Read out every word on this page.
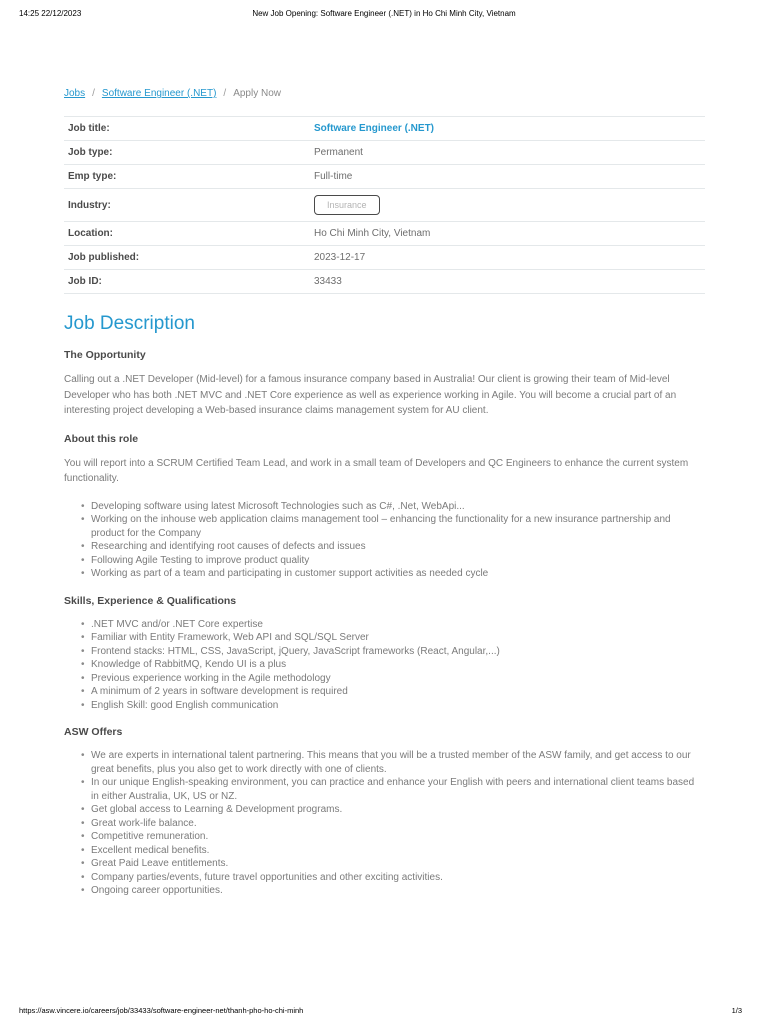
14:25 22/12/2023	New Job Opening: Software Engineer (.NET) in Ho Chi Minh City, Vietnam
Jobs / Software Engineer (.NET) / Apply Now
Job title:	Software Engineer (.NET)
Job type:	Permanent
Emp type:	Full-time
Industry:	Insurance
Location:	Ho Chi Minh City, Vietnam
Job published:	2023-12-17
Job ID:	33433
Job Description
The Opportunity

Calling out a .NET Developer (Mid-level) for a famous insurance company based in Australia! Our client is growing their team of Mid-level Developer who has both .NET MVC and .NET Core experience as well as experience working in Agile. You will become a crucial part of an interesting project developing a Web-based insurance claims management system for AU client.

About this role

You will report into a SCRUM Certified Team Lead, and work in a small team of Developers and QC Engineers to enhance the current system functionality.

• Developing software using latest Microsoft Technologies such as C#, .Net, WebApi...
• Working on the inhouse web application claims management tool – enhancing the functionality for a new insurance partnership and product for the Company
• Researching and identifying root causes of defects and issues
• Following Agile Testing to improve product quality
• Working as part of a team and participating in customer support activities as needed cycle
Skills, Experience & Qualifications
• .NET MVC and/or .NET Core expertise
• Familiar with Entity Framework, Web API and SQL/SQL Server
• Frontend stacks: HTML, CSS, JavaScript, jQuery, JavaScript frameworks (React, Angular,...)
• Knowledge of RabbitMQ, Kendo UI is a plus
• Previous experience working in the Agile methodology
• A minimum of 2 years in software development is required
• English Skill: good English communication
ASW Offers
• We are experts in international talent partnering. This means that you will be a trusted member of the ASW family, and get access to our great benefits, plus you also get to work directly with one of clients.
• In our unique English-speaking environment, you can practice and enhance your English with peers and international client teams based in either Australia, UK, US or NZ.
• Get global access to Learning & Development programs.
• Great work-life balance.
• Competitive remuneration.
• Excellent medical benefits.
• Great Paid Leave entitlements.
• Company parties/events, future travel opportunities and other exciting activities.
• Ongoing career opportunities.
https://asw.vincere.io/careers/job/33433/software-engineer-net/thanh-pho-ho-chi-minh	1/3
